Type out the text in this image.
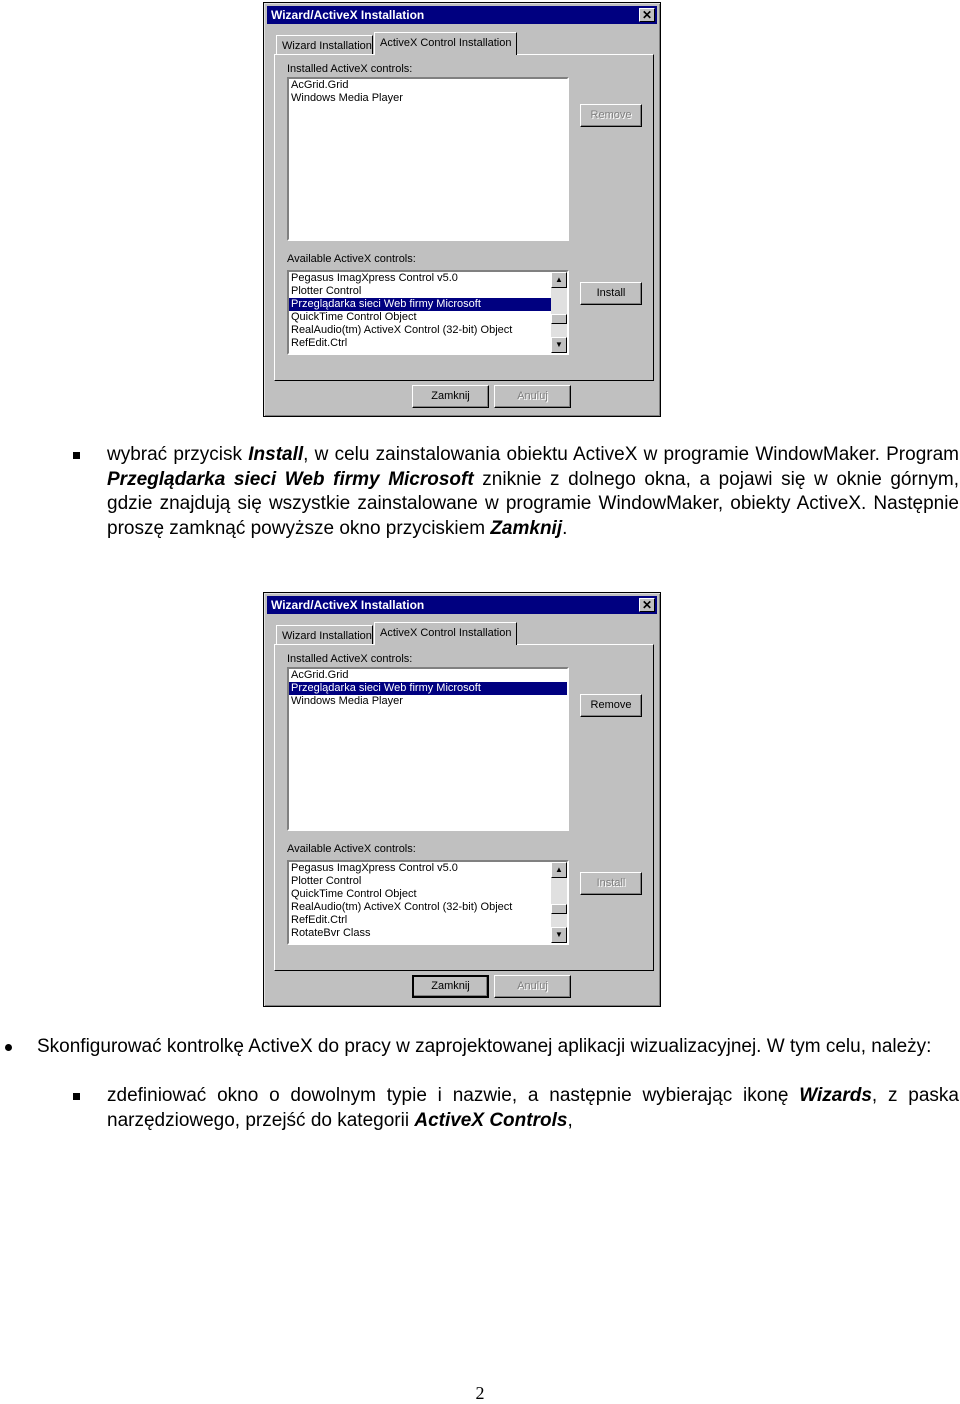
Wizard/ActiveX Installation	✕
Wizard Installation ActiveX Control Installation
Installed ActiveX controls:
AcGrid.Grid
Windows Media Player
Remove
Available ActiveX controls:
Pegasus ImagXpress Control v5.0
Plotter Control
Przeglądarka sieci Web firmy Microsoft
QuickTime Control Object
RealAudio(tm) ActiveX Control (32-bit) Object
RefEdit.Ctrl
▲
▼
Install
Zamknij	Anuluj
wybrać przycisk Install, w celu zainstalowania obiektu ActiveX w programie WindowMaker. Program Przeglądarka sieci Web firmy Microsoft zniknie z dolnego okna, a pojawi się w oknie górnym, gdzie znajdują się wszystkie zainstalowane w programie WindowMaker, obiekty ActiveX. Następnie proszę zamknąć powyższe okno przyciskiem Zamknij.
Wizard/ActiveX Installation	✕
Wizard Installation ActiveX Control Installation
Installed ActiveX controls:
AcGrid.Grid
Przeglądarka sieci Web firmy Microsoft
Windows Media Player	Remove
Available ActiveX controls:
Pegasus ImagXpress Control v5.0
Plotter Control
QuickTime Control Object
RealAudio(tm) ActiveX Control (32-bit) Object
RefEdit.Ctrl
RotateBvr Class
▲
▼
Install
Zamknij	Anuluj
Skonfigurować kontrolkę ActiveX do pracy w zaprojektowanej aplikacji wizualizacyjnej. W tym celu, należy:
zdefiniować okno o dowolnym typie i nazwie, a następnie wybierając ikonę Wizards, z paska narzędziowego, przejść do kategorii ActiveX Controls,
2
